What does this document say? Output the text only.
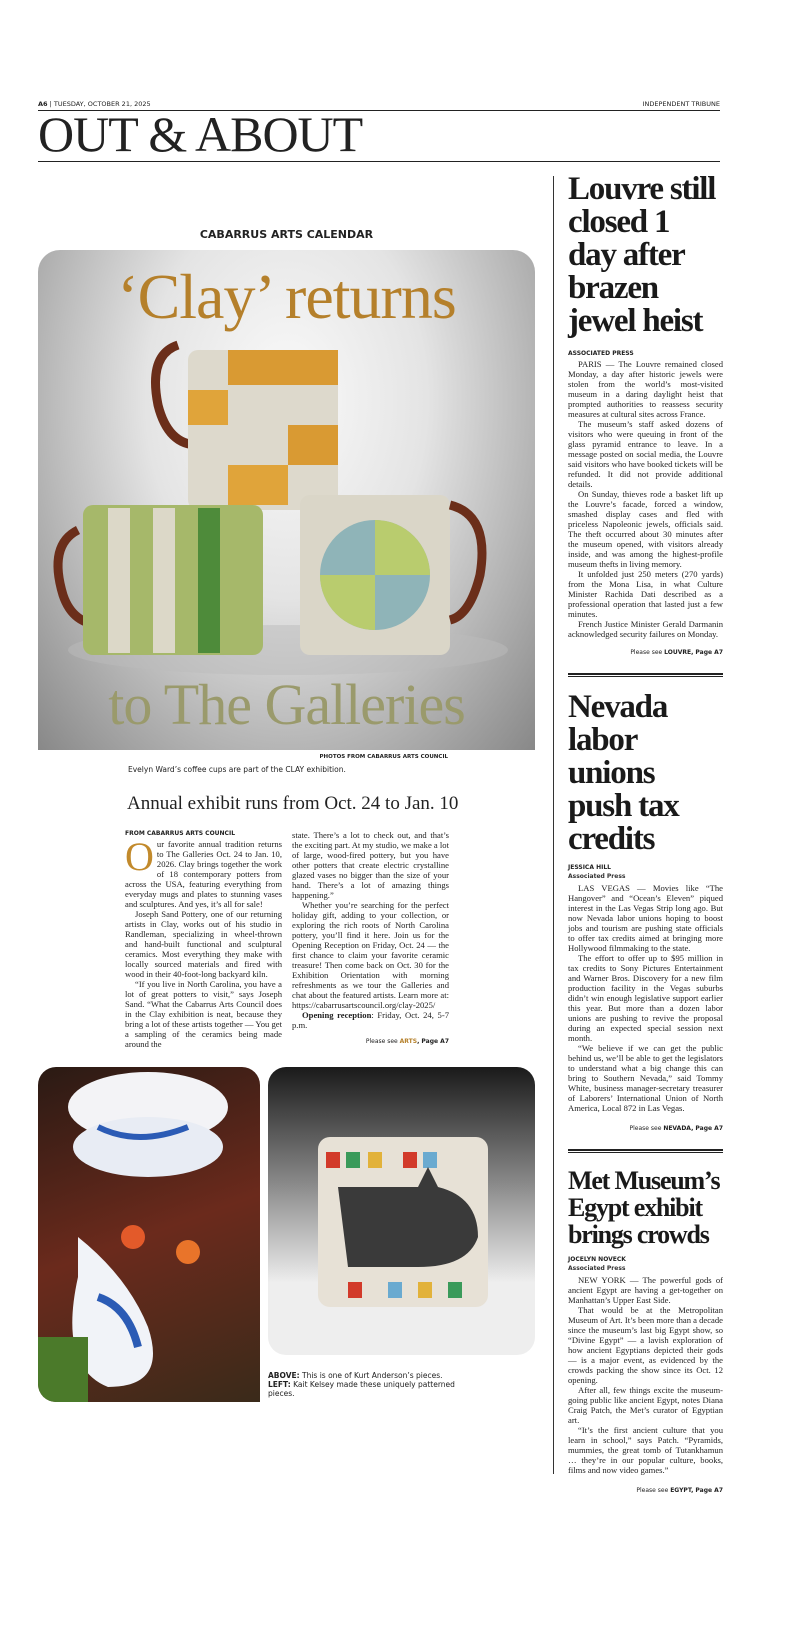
A6 | TUESDAY, OCTOBER 21, 2025	INDEPENDENT TRIBUNE
OUT & ABOUT
CABARRUS ARTS CALENDAR
‘Clay’ returns
to The Galleries
PHOTOS FROM CABARRUS ARTS COUNCIL
Evelyn Ward’s coffee cups are part of the CLAY exhibition.
Annual exhibit runs from Oct. 24 to Jan. 10
FROM CABARRUS ARTS COUNCIL
O ur favorite annual tradition returns to The Galleries Oct. 24 to Jan. 10, 2026. Clay brings together the work of 18 contemporary potters from across the USA, featuring everything from everyday mugs and plates to stunning vases and sculptures. And yes, it’s all for sale!

Joseph Sand Pottery, one of our returning artists in Clay, works out of his studio in Randleman, specializing in wheel-thrown and hand-built functional and sculptural ceramics. Most everything they make with locally sourced materials and fired with wood in their 40-foot-long backyard kiln.

“If you live in North Carolina, you have a lot of great potters to visit,” says Joseph Sand. “What the Cabarrus Arts Council does in the Clay exhibition is neat, because they bring a lot of these artists together — You get a sampling of the ceramics being made around the

state. There’s a lot to check out, and that’s the exciting part. At my studio, we make a lot of large, wood-fired pottery, but you have other potters that create electric crystalline glazed vases no bigger than the size of your hand. There’s a lot of amazing things happening.”

Whether you’re searching for the perfect holiday gift, adding to your collection, or exploring the rich roots of North Carolina pottery, you’ll find it here. Join us for the Opening Reception on Friday, Oct. 24 — the first chance to claim your favorite ceramic treasure! Then come back on Oct. 30 for the Exhibition Orientation with morning refreshments as we tour the Galleries and chat about the featured artists. Learn more at: https://cabarrusartscouncil.org/clay-2025/

Opening reception: Friday, Oct. 24, 5-7 p.m.

Please see ARTS, Page A7
ABOVE: This is one of Kurt Anderson’s pieces.
LEFT: Kait Kelsey made these uniquely patterned pieces.
Louvre still closed 1 day after brazen jewel heist
ASSOCIATED PRESS

PARIS — The Louvre remained closed Monday, a day after historic jewels were stolen from the world’s most-visited museum in a daring daylight heist that prompted authorities to reassess security measures at cultural sites across France.

The museum’s staff asked dozens of visitors who were queuing in front of the glass pyramid entrance to leave. In a message posted on social media, the Louvre said visitors who have booked tickets will be refunded. It did not provide additional details.

On Sunday, thieves rode a basket lift up the Louvre’s facade, forced a window, smashed display cases and fled with priceless Napoleonic jewels, officials said. The theft occurred about 30 minutes after the museum opened, with visitors already inside, and was among the highest-profile museum thefts in living memory.

It unfolded just 250 meters (270 yards) from the Mona Lisa, in what Culture Minister Rachida Dati described as a professional operation that lasted just a few minutes.

French Justice Minister Gerald Darmanin acknowledged security failures on Monday.

Please see LOUVRE, Page A7
Nevada labor unions push tax credits
JESSICA HILL
Associated Press

LAS VEGAS — Movies like “The Hangover” and “Ocean’s Eleven” piqued interest in the Las Vegas Strip long ago. But now Nevada labor unions hoping to boost jobs and tourism are pushing state officials to offer tax credits aimed at bringing more Hollywood filmmaking to the state.

The effort to offer up to $95 million in tax credits to Sony Pictures Entertainment and Warner Bros. Discovery for a new film production facility in the Vegas suburbs didn’t win enough legislative support earlier this year. But more than a dozen labor unions are pushing to revive the proposal during an expected special session next month.

“We believe if we can get the public behind us, we’ll be able to get the legislators to understand what a big change this can bring to Southern Nevada,” said Tommy White, business manager-secretary treasurer of Laborers’ International Union of North America, Local 872 in Las Vegas.

Please see NEVADA, Page A7
Met Museum’s Egypt exhibit brings crowds
JOCELYN NOVECK
Associated Press

NEW YORK — The powerful gods of ancient Egypt are having a get-together on Manhattan’s Upper East Side.

That would be at the Metropolitan Museum of Art. It’s been more than a decade since the museum’s last big Egypt show, so “Divine Egypt” — a lavish exploration of how ancient Egyptians depicted their gods — is a major event, as evidenced by the crowds packing the show since its Oct. 12 opening.

After all, few things excite the museum-going public like ancient Egypt, notes Diana Craig Patch, the Met’s curator of Egyptian art.

“It’s the first ancient culture that you learn in school,” says Patch. “Pyramids, mummies, the great tomb of Tutankhamun … they’re in our popular culture, books, films and now video games.”

Please see EGYPT, Page A7
